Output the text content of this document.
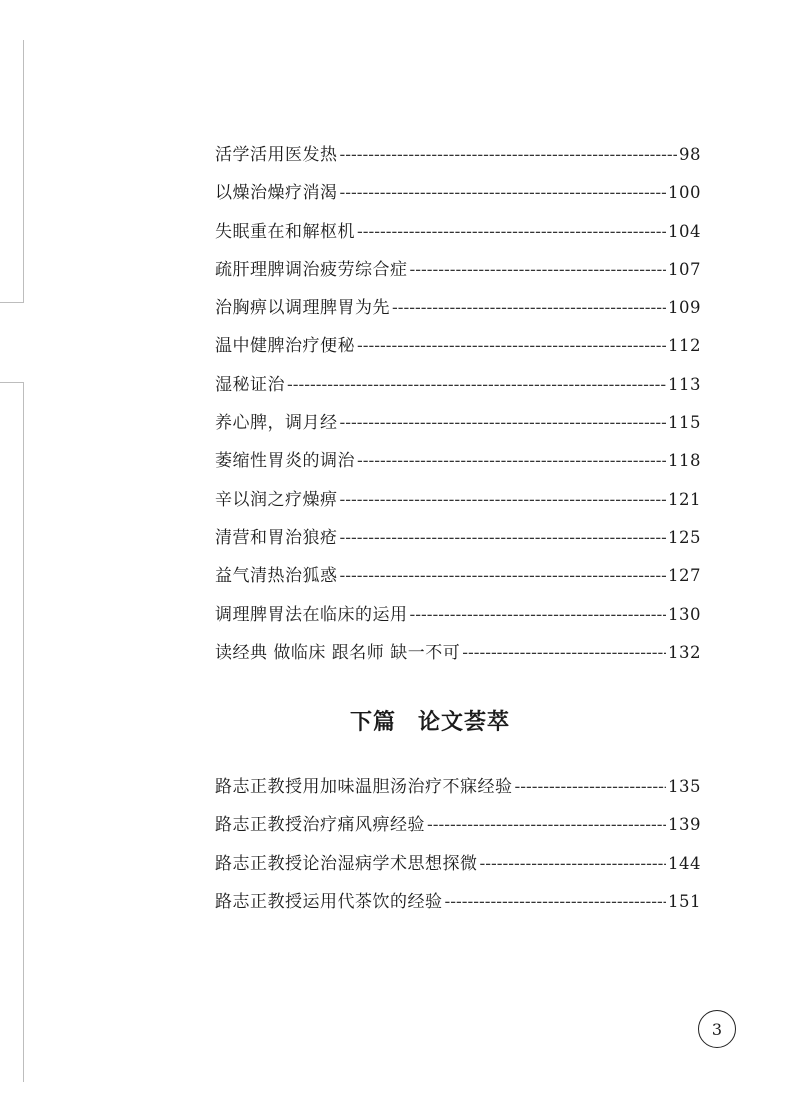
活学活用医发热 -----	98
以燥治燥疗消渴 -----	100
失眠重在和解枢机 -----	104
疏肝理脾调治疲劳综合症 -----	107
治胸痹以调理脾胃为先 -----	109
温中健脾治疗便秘 -----	112
湿秘证治 -----	113
养心脾，调月经 -----	115
萎缩性胃炎的调治 -----	118
辛以润之疗燥痹 -----	121
清营和胃治狼疮 -----	125
益气清热治狐惑 -----	127
调理脾胃法在临床的运用 -----	130
读经典 做临床 跟名师 缺一不可 -----	132
下篇 论文荟萃
路志正教授用加味温胆汤治疗不寐经验 -----	135
路志正教授治疗痛风痹经验 -----	139
路志正教授论治湿病学术思想探微 -----	144
路志正教授运用代茶饮的经验 -----	151
3
